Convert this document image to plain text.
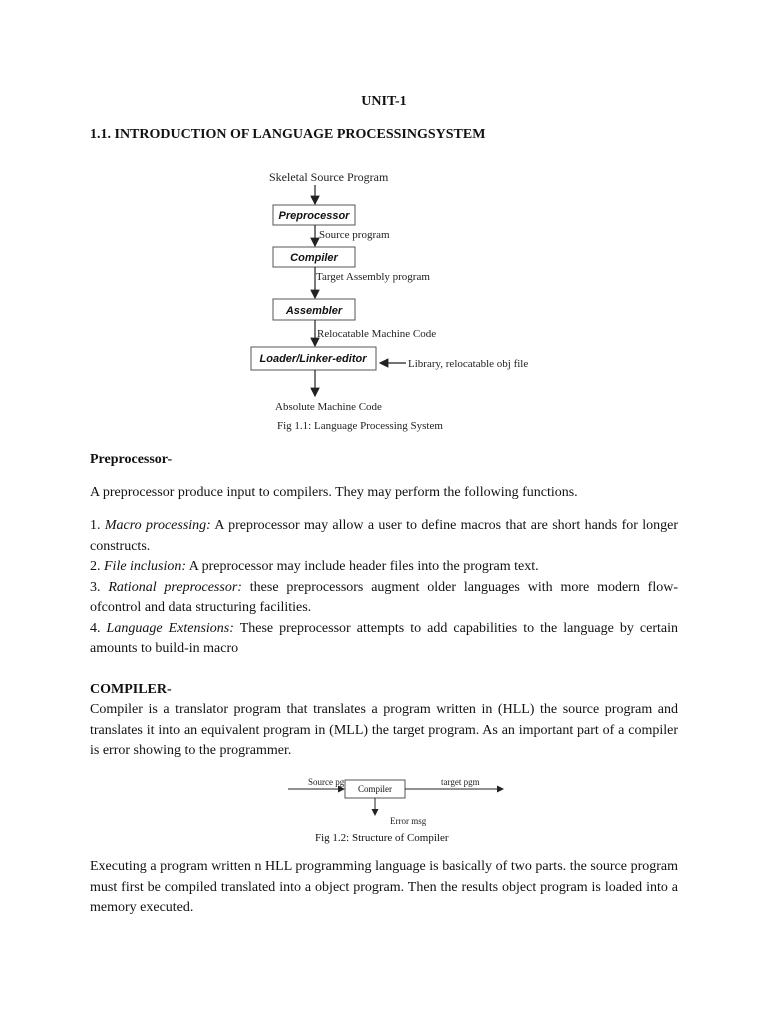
UNIT-1
1.1. INTRODUCTION OF LANGUAGE PROCESSINGSYSTEM
Skeletal Source Program
Preprocessor
Source program
Compiler
Target Assembly program
Assembler
Relocatable Machine Code
Loader/Linker-editor	Library, relocatable obj file
Absolute Machine Code
Fig 1.1: Language Processing System
Preprocessor-
A preprocessor produce input to compilers. They may perform the following functions.

1. Macro processing: A preprocessor may allow a user to define macros that are short hands for longer constructs.

2. File inclusion: A preprocessor may include header files into the program text.

3. Rational preprocessor: these preprocessors augment older languages with more modern flow-ofcontrol and data structuring facilities.

4. Language Extensions: These preprocessor attempts to add capabilities to the language by certain amounts to build-in macro

COMPILER-
Compiler is a translator program that translates a program written in (HLL) the source program and translates it into an equivalent program in (MLL) the target program. As an important part of a compiler is error showing to the programmer.
Source pg
Compiler
target pgm
Error msg
Fig 1.2: Structure of Compiler
Executing a program written n HLL programming language is basically of two parts. the source program must first be compiled translated into a object program. Then the results object program is loaded into a memory executed.
